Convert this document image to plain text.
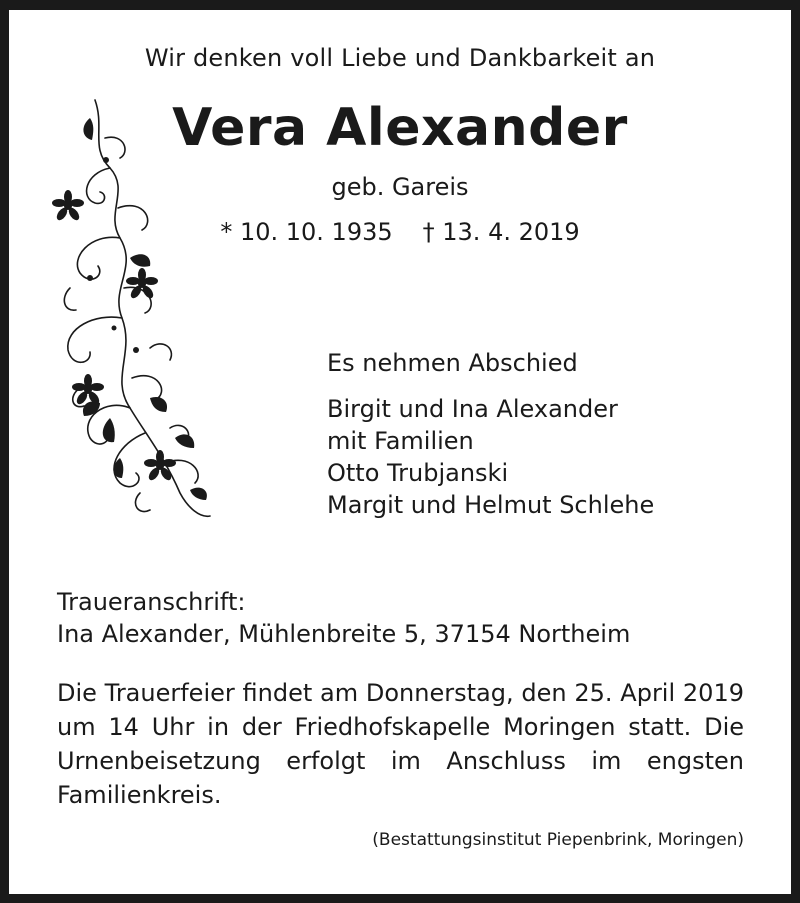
Wir denken voll Liebe und Dankbarkeit an
Vera Alexander
geb. Gareis
* 10. 10. 1935 † 13. 4. 2019
Es nehmen Abschied
Birgit und Ina Alexander
mit Familien
Otto Trubjanski
Margit und Helmut Schlehe
Traueranschrift:
Ina Alexander, Mühlenbreite 5, 37154 Northeim
Die Trauerfeier findet am Donnerstag, den 25. April 2019 um 14 Uhr in der Friedhofskapelle Moringen statt. Die Urnenbeisetzung erfolgt im Anschluss im engsten Familienkreis.
(Bestattungsinstitut Piepenbrink, Moringen)
